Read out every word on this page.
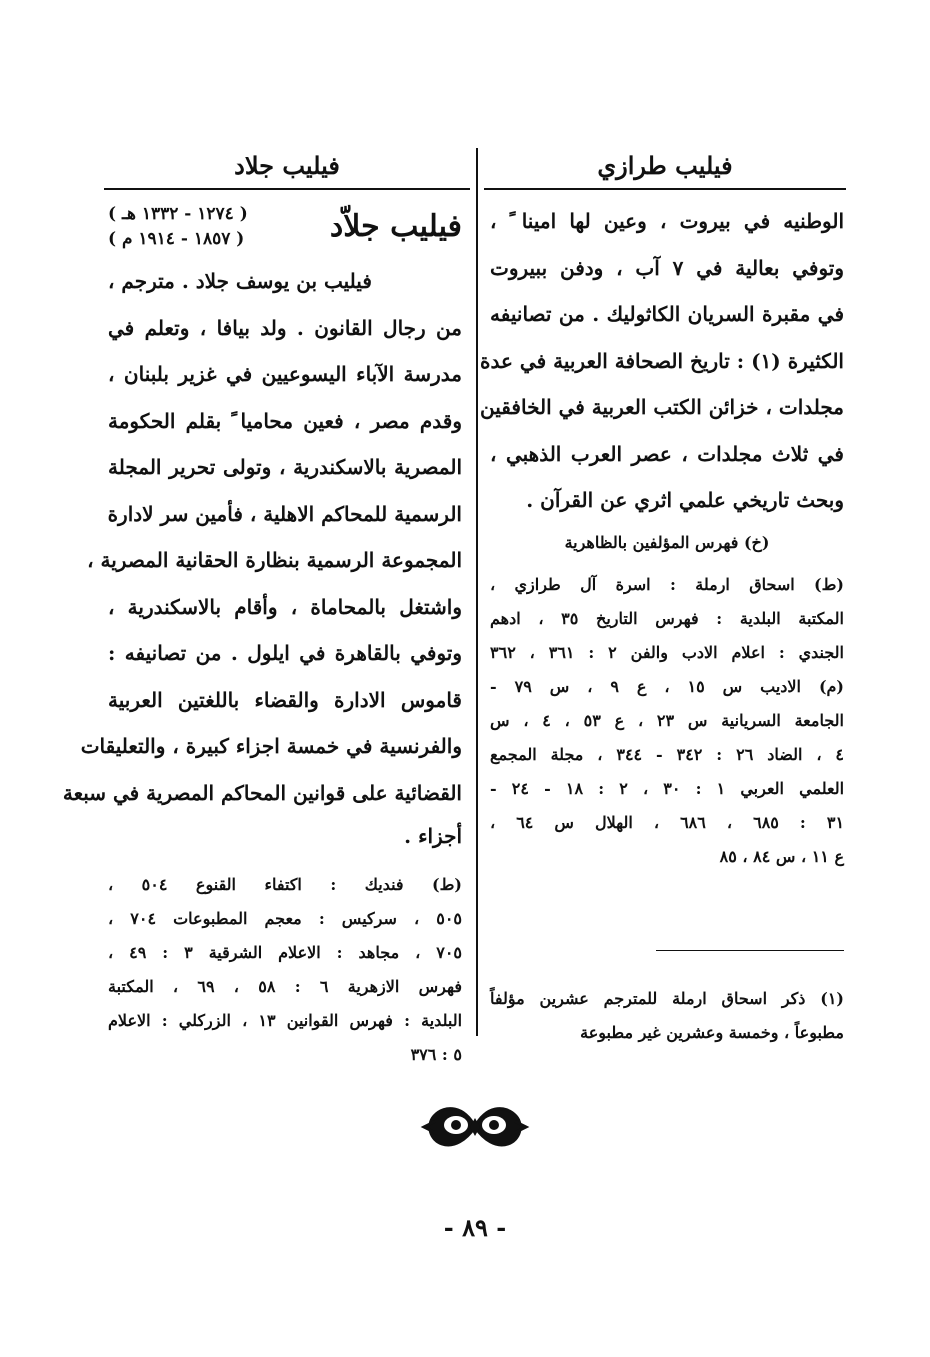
فيليب طرازي
فيليب جلاد
الوطنيه في بيروت ، وعين لها امينا ً ،
وتوفي بعالية في ٧ آب ، ودفن ببيروت
في مقبرة السريان الكاثوليك . من تصانيفه
الكثيرة (١) : تاريخ الصحافة العربية في عدة
مجلدات ، خزائن الكتب العربية في الخافقين
في ثلاث مجلدات ، عصر العرب الذهبي ،
وبحث تاريخي علمي اثري عن القرآن .
(خ) فهرس المؤلفين بالظاهرية
(ط) اسحاق ارملة : اسرة آل طرازي ،
المكتبة البلدية : فهرس التاريخ ٣٥ ، ادهم
الجندي : اعلام الادب والفن ٢ : ٣٦١ ، ٣٦٢
(م) الاديب س ١٥ ، ع ٩ ، س ٧٩ -
الجامعة السريانية س ٢٣ ، ع ٥٣ ، ٤ ، س
٤ ، الضاد ٢٦ : ٣٤٢ - ٣٤٤ ، مجلة المجمع
العلمي العربي ١ : ٣٠ ، ٢ : ١٨ - ٢٤ -
٣١ : ٦٨٥ ، ٦٨٦ ، الهلال س ٦٤ ،
ع ١١ ، س ٨٤ ، ٨٥
(١) ذكر اسحاق ارملة للمترجم عشرين مؤلفاً
مطبوعاً ، وخمسة وعشرين غير مطبوعة
فيليب جلاّد
( ١٢٧٤ - ١٣٣٢ هـ )
( ١٨٥٧ - ١٩١٤ م )
فيليب بن يوسف جلاد . مترجم ،
من رجال القانون . ولد بيافا ، وتعلم في
مدرسة الآباء اليسوعيين في غزير بلبنان ،
وقدم مصر ، فعين محاميا ً بقلم الحكومة
المصرية بالاسكندرية ، وتولى تحرير المجلة
الرسمية للمحاكم الاهلية ، فأمين سر لادارة
المجموعة الرسمية بنظارة الحقانية المصرية ،
واشتغل بالمحاماة ، وأقام بالاسكندرية ،
وتوفي بالقاهرة في ايلول . من تصانيفه :
قاموس الادارة والقضاء باللغتين العربية
والفرنسية في خمسة اجزاء كبيرة ، والتعليقات
القضائية على قوانين المحاكم المصرية في سبعة
أجزاء .
(ط) فنديك : اكتفاء القنوع ٥٠٤ ،
٥٠٥ ، سركيس : معجم المطبوعات ٧٠٤ ،
٧٠٥ ، مجاهد : الاعلام الشرقية ٣ : ٤٩ ،
فهرس الازهرية ٦ : ٥٨ ، ٦٩ ، المكتبة
البلدية : فهرس القوانين ١٣ ، الزركلي : الاعلام
٥ : ٣٧٦
- ٨٩ -
